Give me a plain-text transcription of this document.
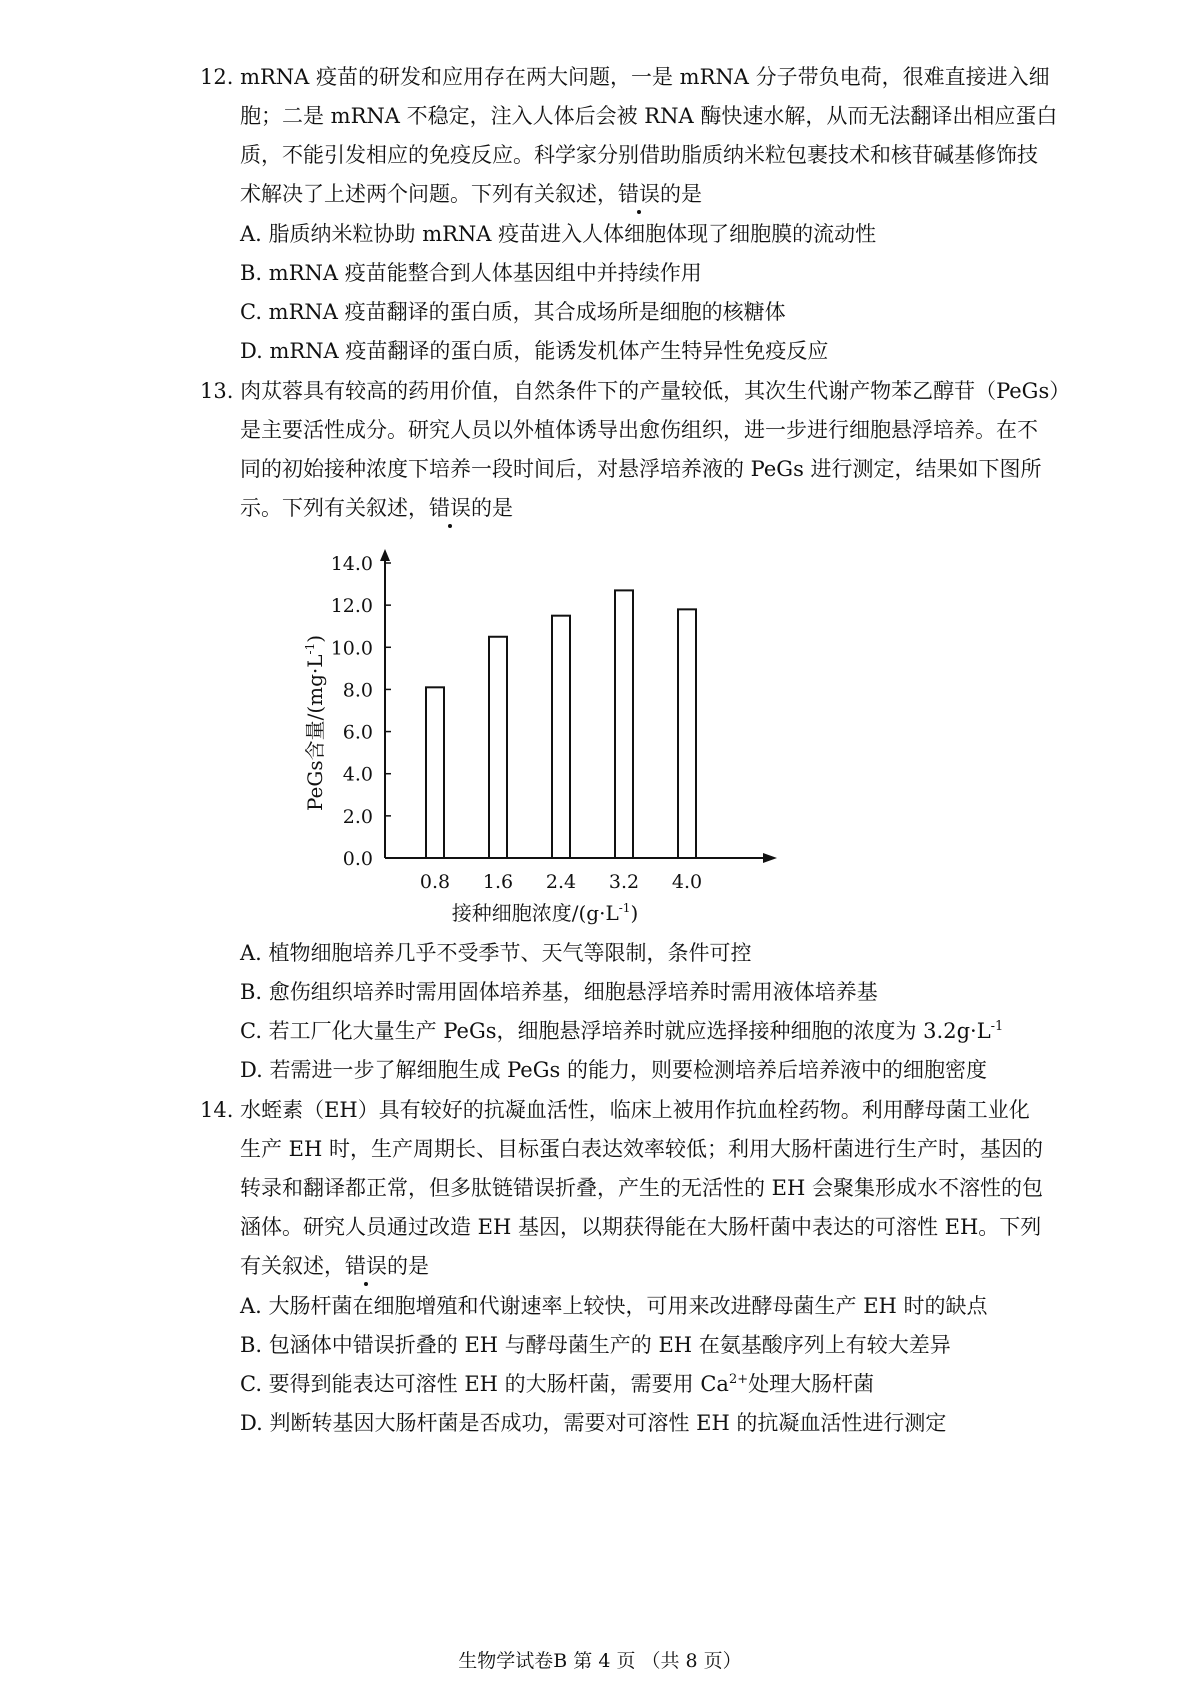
12. mRNA 疫苗的研发和应用存在两大问题，一是 mRNA 分子带负电荷，很难直接进入细
胞；二是 mRNA 不稳定，注入人体后会被 RNA 酶快速水解，从而无法翻译出相应蛋白
质，不能引发相应的免疫反应。科学家分别借助脂质纳米粒包裹技术和核苷碱基修饰技
术解决了上述两个问题。下列有关叙述，错误的是
A. 脂质纳米粒协助 mRNA 疫苗进入人体细胞体现了细胞膜的流动性
B. mRNA 疫苗能整合到人体基因组中并持续作用
C. mRNA 疫苗翻译的蛋白质，其合成场所是细胞的核糖体
D. mRNA 疫苗翻译的蛋白质，能诱发机体产生特异性免疫反应
13. 肉苁蓉具有较高的药用价值，自然条件下的产量较低，其次生代谢产物苯乙醇苷（PeGs）
是主要活性成分。研究人员以外植体诱导出愈伤组织，进一步进行细胞悬浮培养。在不
同的初始接种浓度下培养一段时间后，对悬浮培养液的 PeGs 进行测定，结果如下图所
示。下列有关叙述，错误的是
0.0
2.0
4.0
6.0
8.0
10.0
12.0
14.0
0.8 1.6 2.4 3.2 4.0
接种细胞浓度$/(g\cdot L^{-1})$
PeGs含量$/(mg\cdot L^{-1})$
A. 植物细胞培养几乎不受季节、天气等限制，条件可控
B. 愈伤组织培养时需用固体培养基，细胞悬浮培养时需用液体培养基
C. 若工厂化大量生产 PeGs，细胞悬浮培养时就应选择接种细胞的浓度为 $3.2g\cdot L^{-1}$
D. 若需进一步了解细胞生成 PeGs 的能力，则要检测培养后培养液中的细胞密度
14. 水蛭素（EH）具有较好的抗凝血活性，临床上被用作抗血栓药物。利用酵母菌工业化
生产 EH 时，生产周期长、目标蛋白表达效率较低；利用大肠杆菌进行生产时，基因的
转录和翻译都正常，但多肽链错误折叠，产生的无活性的 EH 会聚集形成水不溶性的包
涵体。研究人员通过改造 EH 基因，以期获得能在大肠杆菌中表达的可溶性 EH。下列
有关叙述，错误的是
A. 大肠杆菌在细胞增殖和代谢速率上较快，可用来改进酵母菌生产 EH 时的缺点
B. 包涵体中错误折叠的 EH 与酵母菌生产的 EH 在氨基酸序列上有较大差异
C. 要得到能表达可溶性 EH 的大肠杆菌，需要用 $Ca^{2+}$处理大肠杆菌
D. 判断转基因大肠杆菌是否成功，需要对可溶性 EH 的抗凝血活性进行测定
生物学试卷B 第 4 页 （共 8 页）
